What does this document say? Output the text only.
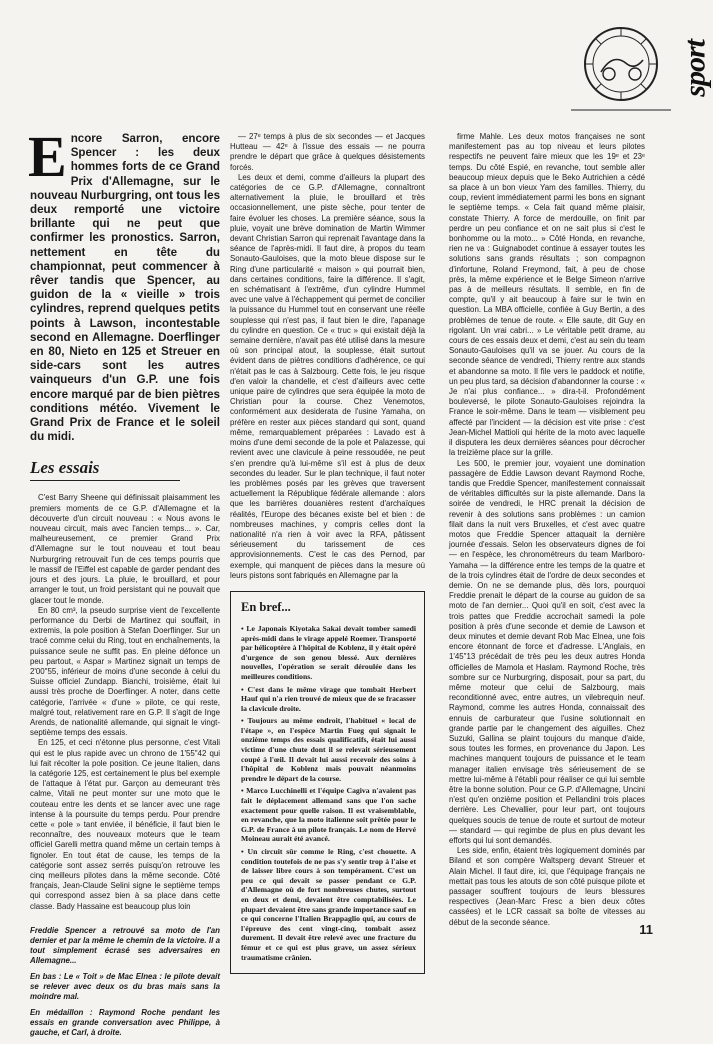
sport
Encore Sarron, encore Spencer : les deux hommes forts de ce Grand Prix d'Allemagne, sur le nouveau Nurburgring, ont tous les deux remporté une victoire brillante qui ne peut que confirmer les pronostics. Sarron, nettement en tête du championnat, peut commencer à rêver tandis que Spencer, au guidon de la « vieille » trois cylindres, reprend quelques petits points à Lawson, incontestable second en Allemagne. Doerflinger en 80, Nieto en 125 et Streuer en side-cars sont les autres vainqueurs d'un G.P. une fois encore marqué par de bien piètres conditions météo. Vivement le Grand Prix de France et le soleil du midi.
Les essais

C'est Barry Sheene qui définissait plaisamment les premiers moments de ce G.P. d'Allemagne et la découverte d'un circuit nouveau : « Nous avons le nouveau circuit, mais avec l'ancien temps... ». Car, malheureusement, ce premier Grand Prix d'Allemagne sur le tout nouveau et tout beau Nurburgring retrouvait l'un de ces temps pourris que le massif de l'Eiffel est capable de garder pendant des jours et des jours. La pluie, le brouillard, et pour arranger le tout, un froid persistant qui ne pouvait que glacer tout le monde.

En 80 cm³, la pseudo surprise vient de l'excellente performance du Derbi de Martinez qui souffait, in extremis, la pole position à Stefan Doerflinger. Sur un tracé comme celui du Ring, tout en enchaînements, la puissance seule ne suffit pas. En pleine défonce un peu partout, « Aspar » Martinez signait un temps de 2'00"55, inférieur de moins d'une seconde à celui du Suisse officiel Zundapp. Bianchi, troisième, était lui aussi très proche de Doerflinger. A noter, dans cette catégorie, l'arrivée « d'une » pilote, ce qui reste, malgré tout, relativement rare en G.P. Il s'agit de Inge Arends, de nationalité allemande, qui signait le vingt-septième temps des essais.

En 125, et ceci n'étonne plus personne, c'est Vitali qui est le plus rapide avec un chrono de 1'55"42 qui lui fait récolter la pole position. Ce jeune Italien, dans la catégorie 125, est certainement le plus bel exemple de l'attaque à l'état pur. Garçon au demeurant très calme, Vitali ne peut monter sur une moto que le couteau entre les dents et se lancer avec une rage intense à la poursuite du temps perdu. Pour prendre cette « pole » tant enviée, il bénéficie, il faut bien le reconnaître, des nouveaux moteurs que le team officiel Garelli mettra quand même un certain temps à fignoler. En tout état de cause, les temps de la catégorie sont assez serrés puisqu'on retrouve les cinq meilleurs pilotes dans la même seconde. Côté français, Jean-Claude Selini signe le septième temps qui correspond assez bien à sa place dans cette classe. Bady Hassaine est beaucoup plus loin

Freddie Spencer a retrouvé sa moto de l'an dernier et par la même le chemin de la victoire. Il a tout simplement écrasé ses adversaires en Allemagne...

En bas : Le « Toit » de Mac Elnea : le pilote devait se relever avec deux os du bras mais sans la moindre mal.

En médaillon : Raymond Roche pendant les essais en grande conversation avec Philippe, à gauche, et Carl, à droite.

— 27ᵉ temps à plus de six secondes — et Jacques Hutteau — 42ᵉ à l'issue des essais — ne pourra prendre le départ que grâce à quelques désistements forcés.

Les deux et demi, comme d'ailleurs la plupart des catégories de ce G.P. d'Allemagne, connaîtront alternativement la pluie, le brouillard et très occasionnellement, une piste sèche, pour tenter de faire évoluer les choses. La première séance, sous la pluie, voyait une brève domination de Martin Wimmer devant Christian Sarron qui reprenait l'avantage dans la séance de l'après-midi. Il faut dire, à propos du team Sonauto-Gauloises, que la moto bleue dispose sur le Ring d'une particularité « maison » qui pourrait bien, dans certaines conditions, faire la différence. Il s'agit, en schématisant à l'extrême, d'un cylindre Hummel avec une valve à l'échappement qui permet de concilier la puissance du Hummel tout en conservant une réelle souplesse qui n'est pas, il faut bien le dire, l'apanage du cylindre en question. Ce « truc » qui existait déjà la semaine dernière, n'avait pas été utilisé dans la mesure où son principal atout, la souplesse, était surtout évident dans de piètres conditions d'adhérence, ce qui n'était pas le cas à Salzbourg. Cette fois, le jeu risque d'en valoir la chandelle, et c'est d'ailleurs avec cette unique paire de cylindres que sera équipée la moto de Christian pour la course. Chez Venemotos, conformément aux desiderata de l'usine Yamaha, on préfère en rester aux pièces standard qui sont, quand même, remarquablement préparées : Lavado est à moins d'une demi seconde de la pole et Palazesse, qui revient avec une clavicule à peine ressoudée, ne peut s'en prendre qu'à lui-même s'il est à plus de deux secondes du leader. Sur le plan technique, il faut noter les problèmes posés par les grèves que traversent actuellement la République fédérale allemande : alors que les barrières douanières restent d'archaïques réalités, l'Europe des bécanes existe bel et bien : de nombreuses machines, y compris celles dont la nationalité n'a rien à voir avec la RFA, pâtissent sérieusement du tarissement de ces approvisionnements. C'est le cas des Pernod, par exemple, qui manquent de pièces dans la mesure où leurs pistons sont fabriqués en Allemagne par la

En bref...

• Le Japonais Kiyotaka Sakai devait tomber samedi après-midi dans le virage appelé Roemer. Transporté par hélicoptère à l'hôpital de Koblenz, il y était opéré d'urgence de son genou blessé. Aux dernières nouvelles, l'opération se serait déroulée dans les meilleures conditions.

• C'est dans le même virage que tombait Herbert Hauf qui n'a rien trouvé de mieux que de se fracasser la clavicule droite.

• Toujours au même endroit, l'habituel « local de l'étape », en l'espèce Martin Fueg qui signait le onzième temps des essais qualificatifs, était lui aussi victime d'une chute dont il se relevait sérieusement coupé à l'œil. Il devait lui aussi recevoir des soins à l'hôpital de Koblenz mais pouvait néanmoins prendre le départ de la course.

• Marco Lucchinelli et l'équipe Cagiva n'avaient pas fait le déplacement allemand sans que l'on sache exactement pour quelle raison. Il est vraisemblable, en revanche, que la moto italienne soit prêtée pour le G.P. de France à un pilote français. Le nom de Hervé Moineau aurait été avancé.

• Un circuit sûr comme le Ring, c'est chouette. A condition toutefois de ne pas s'y sentir trop à l'aise et de laisser libre cours à son tempérament. C'est un peu ce qui devait se passer pendant ce G.P. d'Allemagne où de fort nombreuses chutes, surtout en deux et demi, devaient être comptabilisées. Le plupart devaient être sans grande importance sauf en ce qui concerne l'Italien Brappaglio qui, au cours de l'épreuve des cent vingt-cinq, tombait assez durement. Il devait être relevé avec une fracture du fémur et ce qui est plus grave, un assez sérieux traumatisme crânien.

firme Mahle. Les deux motos françaises ne sont manifestement pas au top niveau et leurs pilotes respectifs ne peuvent faire mieux que les 19ᵉ et 23ᵉ temps. Du côté Espié, en revanche, tout semble aller beaucoup mieux depuis que le Beko Autrichien a cédé sa place à un bon vieux Yam des familles. Thierry, du coup, revient immédiatement parmi les bons en signant le septième temps. « Cela fait quand même plaisir, constate Thierry. A force de merdouille, on finit par perdre un peu confiance et on ne sait plus si c'est le bonhomme ou la moto... » Côté Honda, en revanche, rien ne va : Guignabodet continue à essayer toutes les solutions sans grands résultats ; son compagnon d'infortune, Roland Freymond, fait, à peu de chose près, la même expérience et le Belge Simeon n'arrive pas à de meilleurs résultats. Il semble, en fin de compte, qu'il y ait beaucoup à faire sur le twin en question. La MBA officielle, confiée à Guy Bertin, a des problèmes de tenue de route. « Elle saute, dit Guy en rigolant. Un vrai cabri... » Le véritable petit drame, au cours de ces essais deux et demi, c'est au sein du team Sonauto-Gauloises qu'il va se jouer. Au cours de la seconde séance de vendredi, Thierry rentre aux stands et abandonne sa moto. Il file vers le paddock et notifie, un peu plus tard, sa décision d'abandonner la course : « Je n'ai plus confiance... » dira-t-il. Profondément bouleversé, le pilote Sonauto-Gauloises rejoindra la France le soir-même. Dans le team — visiblement peu affecté par l'incident — la décision est vite prise : c'est Jean-Michel Mattioli qui hérite de la moto avec laquelle il disputera les deux dernières séances pour décrocher la treizième place sur la grille.

Les 500, le premier jour, voyaient une domination passagère de Eddie Lawson devant Raymond Roche, tandis que Freddie Spencer, manifestement connaissait de véritables difficultés sur la piste allemande. Dans la soirée de vendredi, le HRC prenait la décision de revenir à des solutions sans problèmes : un camion filait dans la nuit vers Bruxelles, et c'est avec quatre motos que Freddie Spencer attaquait la dernière journée d'essais. Selon les observateurs dignes de foi — en l'espèce, les chronométreurs du team Marlboro-Yamaha — la différence entre les temps de la quatre et de la trois cylindres était de l'ordre de deux secondes et demie. On ne se demande plus, dès lors, pourquoi Freddie prenait le départ de la course au guidon de sa moto de l'an dernier... Quoi qu'il en soit, c'est avec la trois pattes que Freddie accrochait samedi la pole position à près d'une seconde et demie de Lawson et deux minutes et demie devant Rob Mac Elnea, une fois encore étonnant de force et d'adresse. L'Anglais, en 1'45"13 précédait de très peu les deux autres Honda officielles de Mamola et Haslam. Raymond Roche, très sombre sur ce Nurburgring, disposait, pour sa part, du même moteur que celui de Salzbourg, mais reconditionné avec, entre autres, un vilebrequin neuf. Raymond, comme les autres Honda, connaissait des ennuis de carburateur que l'usine solutionnait en grande partie par le changement des aiguilles. Chez Suzuki, Gallina se plaint toujours du manque d'aide, sous toutes les formes, en provenance du Japon. Les machines manquent toujours de puissance et le team manager italien envisage très sérieusement de se mettre lui-même à l'établi pour réaliser ce qui lui semble être la bonne solution. Pour ce G.P. d'Allemagne, Uncini n'est qu'en onzième position et Pellandini trois places derrière. Les Chevallier, pour leur part, ont toujours quelques soucis de tenue de route et surtout de moteur — standard — qui regimbe de plus en plus devant les efforts qui lui sont demandés.

Les side, enfin, étaient très logiquement dominés par Biland et son compère Waltsperg devant Streuer et Alain Michel. Il faut dire, ici, que l'équipage français ne mettait pas tous les atouts de son côté puisque pilote et passager souffrent toujours de leurs blessures respectives (Jean-Marc Fresc a bien deux côtes cassées) et le LCR cassait sa boîte de vitesses au début de la seconde séance.	11
